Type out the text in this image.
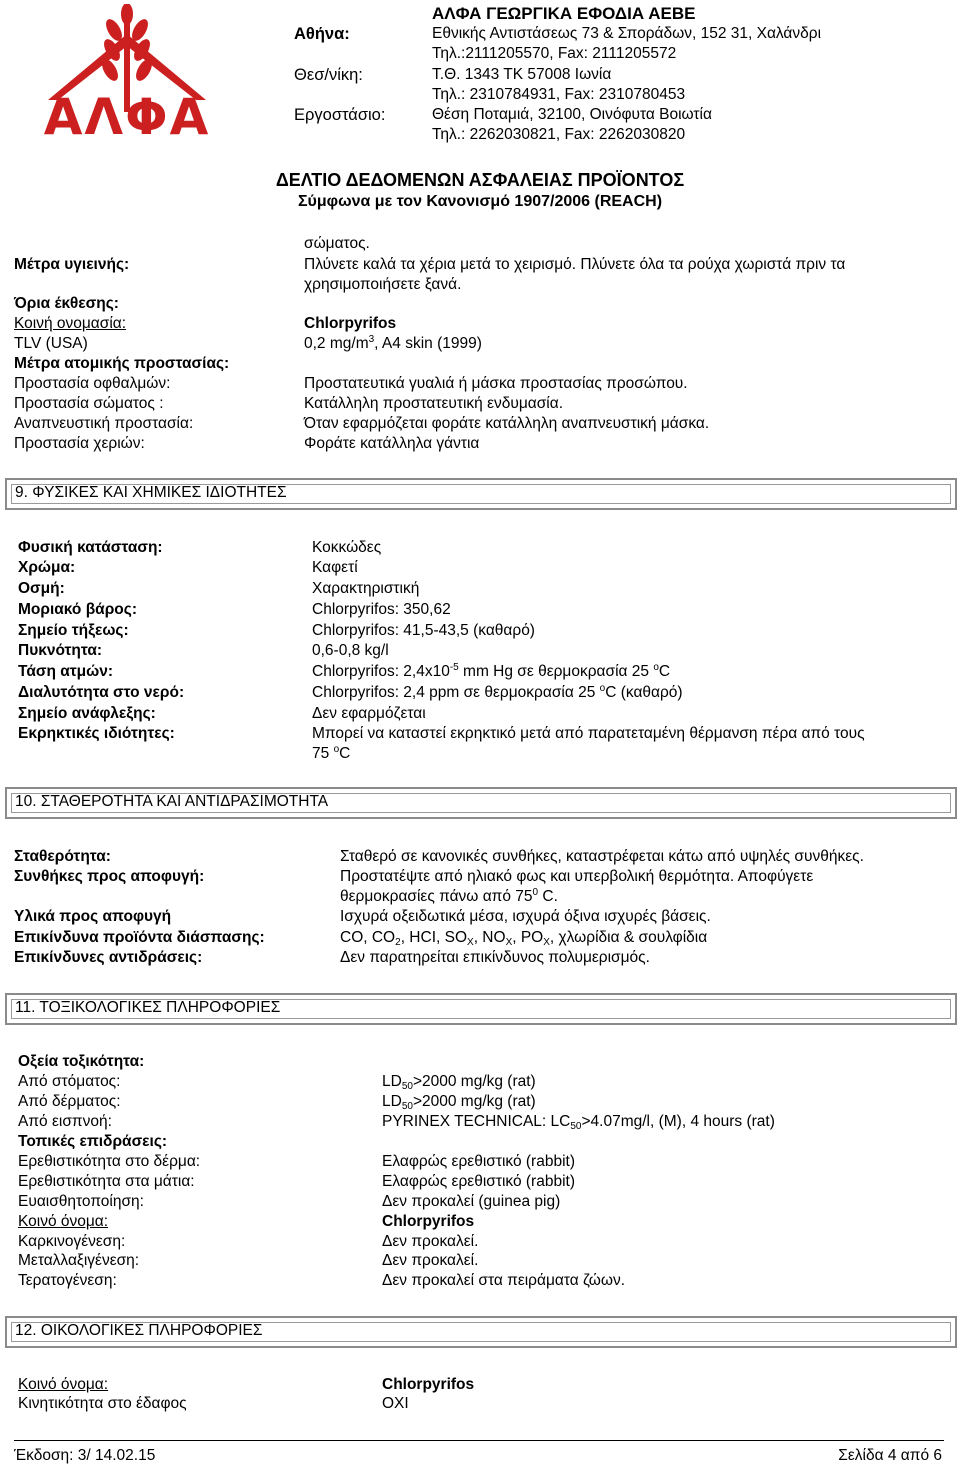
ΑΛΦΑ
ΑΛΦΑ ΓΕΩΡΓΙΚΑ ΕΦΟΔΙΑ ΑΕΒΕ
Αθήνα:	Εθνικής Αντιστάσεως 73 & Σποράδων, 152 31, Χαλάνδρι
Τηλ.:2111205570, Fax: 2111205572
Θεσ/νίκη:	Τ.Θ. 1343 ΤΚ 57008 Ιωνία
Τηλ.: 2310784931, Fax: 2310780453
Εργοστάσιο:	Θέση Ποταμιά, 32100, Οινόφυτα Βοιωτία
Τηλ.: 2262030821, Fax: 2262030820
ΔΕΛΤΙΟ ΔΕΔΟΜΕΝΩΝ ΑΣΦΑΛΕΙΑΣ ΠΡΟΪΟΝΤΟΣ
Σύμφωνα με τον Κανονισμό 1907/2006 (REACH)
σώματος.
Μέτρα υγιεινής:	Πλύνετε καλά τα χέρια μετά το χειρισμό. Πλύνετε όλα τα ρούχα χωριστά πριν τα
χρησιμοποιήσετε ξανά.
Όρια έκθεσης:
Κοινή ονομασία:	Chlorpyrifos
TLV (USA)	0,2 $mg/m^3$, A4 skin (1999)
Μέτρα ατομικής προστασίας:
Προστασία οφθαλμών:	Προστατευτικά γυαλιά ή μάσκα προστασίας προσώπου.
Προστασία σώματος :	Κατάλληλη προστατευτική ενδυμασία.
Αναπνευστική προστασία:	Όταν εφαρμόζεται φοράτε κατάλληλη αναπνευστική μάσκα.
Προστασία χεριών:	Φοράτε κατάλληλα γάντια
9. ΦΥΣΙΚΕΣ ΚΑΙ ΧΗΜΙΚΕΣ ΙΔΙΟΤΗΤΕΣ
Φυσική κατάσταση:	Κοκκώδες
Χρώμα:	Καφετί
Οσμή:	Χαρακτηριστική
Μοριακό βάρος:	Chlorpyrifos: 350,62
Σημείο τήξεως:	Chlorpyrifos: 41,5-43,5 (καθαρό)
Πυκνότητα:	0,6-0,8 kg/l
Τάση ατμών:	Chlorpyrifos: $2,4x10^{-5}$ mm Hg σε θερμοκρασία 25 $^o$C
Διαλυτότητα στο νερό:	Chlorpyrifos: 2,4 ppm σε θερμοκρασία 25 $^o$C (καθαρό)
Σημείο ανάφλεξης:	Δεν εφαρμόζεται
Εκρηκτικές ιδιότητες:	Μπορεί να καταστεί εκρηκτικό μετά από παρατεταμένη θέρμανση πέρα από τους
75 $^o$C
10. ΣΤΑΘΕΡΟΤΗΤΑ ΚΑΙ ΑΝΤΙΔΡΑΣΙΜΟΤΗΤΑ
Σταθερότητα:	Σταθερό σε κανονικές συνθήκες, καταστρέφεται κάτω από υψηλές συνθήκες.
Συνθήκες προς αποφυγή:	Προστατέψτε από ηλιακό φως και υπερβολική θερμότητα. Αποφύγετε
θερμοκρασίες πάνω από $75^0$ C.
Υλικά προς αποφυγή	Ισχυρά οξειδωτικά μέσα, ισχυρά όξινα ισχυρές βάσεις.
Επικίνδυνα προϊόντα διάσπασης:	CO, $CO_2$, HCI, $SO_X$, $NO_X$, $PO_X$, χλωρίδια & σουλφίδια
Επικίνδυνες αντιδράσεις:	Δεν παρατηρείται επικίνδυνος πολυμερισμός.
11. ΤΟΞΙΚΟΛΟΓΙΚΕΣ ΠΛΗΡΟΦΟΡΙΕΣ
Οξεία τοξικότητα:
Από στόματος:	$LD_{50}>2000$ mg/kg (rat)
Από δέρματος:	$LD_{50}>2000$ mg/kg (rat)
Από εισπνοή:	PYRINEX TECHNICAL: $LC_{50}>4.07mg/l$, (M), 4 hours (rat)
Τοπικές επιδράσεις:
Ερεθιστικότητα στο δέρμα:	Ελαφρώς ερεθιστικό (rabbit)
Ερεθιστικότητα στα μάτια:	Ελαφρώς ερεθιστικό (rabbit)
Ευαισθητοποίηση:	Δεν προκαλεί (guinea pig)
Κοινό όνομα:	Chlorpyrifos
Καρκινογένεση:	Δεν προκαλεί.
Μεταλλαξιγένεση:	Δεν προκαλεί.
Τερατογένεση:	Δεν προκαλεί στα πειράματα ζώων.
12. ΟΙΚΟΛΟΓΙΚΕΣ ΠΛΗΡΟΦΟΡΙΕΣ
Κοινό όνομα:	Chlorpyrifos
Κινητικότητα στο έδαφος	ΟΧΙ
Έκδοση: 3/ 14.02.15	Σελίδα 4 από 6
